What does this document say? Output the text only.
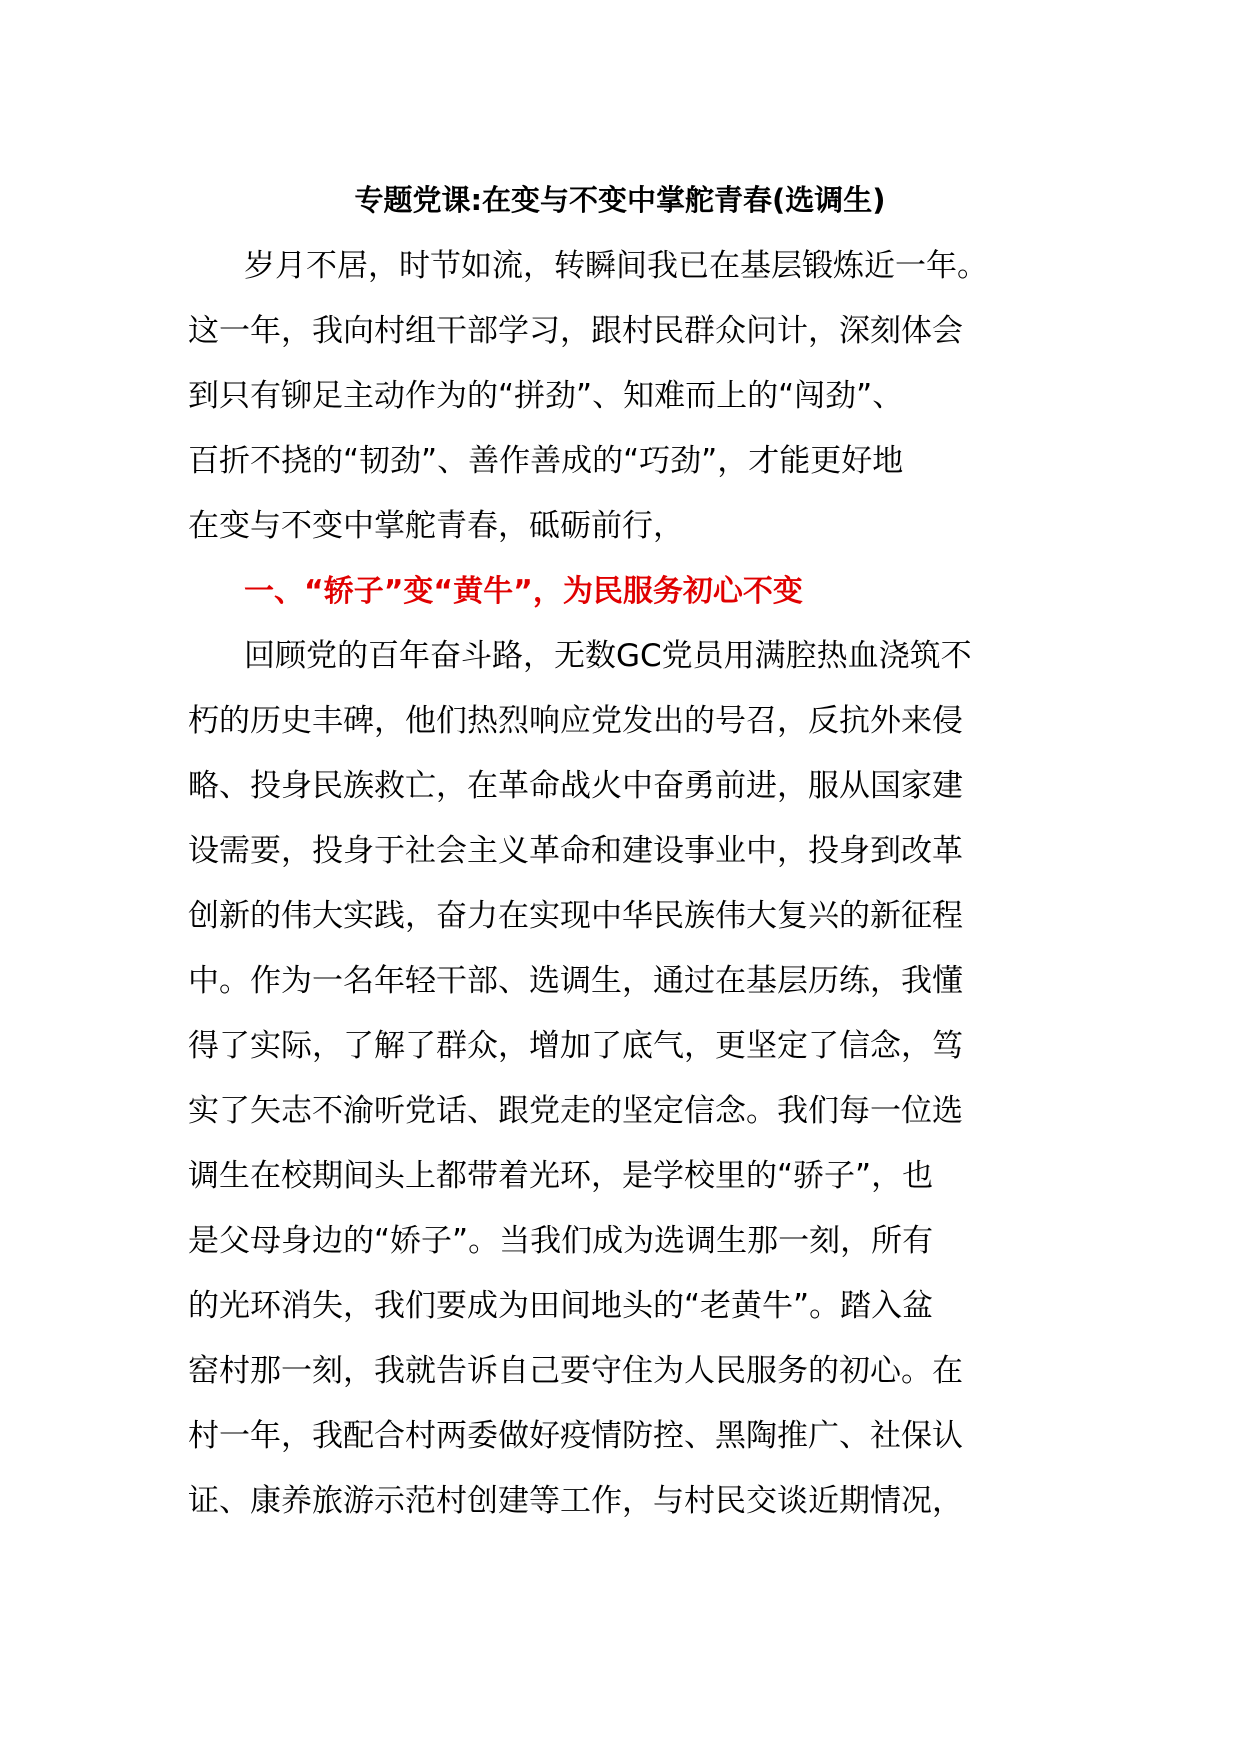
专题党课:在变与不变中掌舵青春(选调生)
岁月不居，时节如流，转瞬间我已在基层锻炼近一年。
这一年，我向村组干部学习，跟村民群众问计，深刻体会
到只有铆足主动作为的“拼劲”、知难而上的“闯劲”、
百折不挠的“韧劲”、善作善成的“巧劲”，才能更好地
在变与不变中掌舵青春，砥砺前行，
一、“轿子”变“黄牛”，为民服务初心不变
回顾党的百年奋斗路，无数GC党员用满腔热血浇筑不
朽的历史丰碑，他们热烈响应党发出的号召，反抗外来侵
略、投身民族救亡，在革命战火中奋勇前进，服从国家建
设需要，投身于社会主义革命和建设事业中，投身到改革
创新的伟大实践，奋力在实现中华民族伟大复兴的新征程
中。作为一名年轻干部、选调生，通过在基层历练，我懂
得了实际，了解了群众，增加了底气，更坚定了信念，笃
实了矢志不渝听党话、跟党走的坚定信念。我们每一位选
调生在校期间头上都带着光环，是学校里的“骄子”，也
是父母身边的“娇子”。当我们成为选调生那一刻，所有
的光环消失，我们要成为田间地头的“老黄牛”。踏入盆
窑村那一刻，我就告诉自己要守住为人民服务的初心。在
村一年，我配合村两委做好疫情防控、黑陶推广、社保认
证、康养旅游示范村创建等工作，与村民交谈近期情况，
